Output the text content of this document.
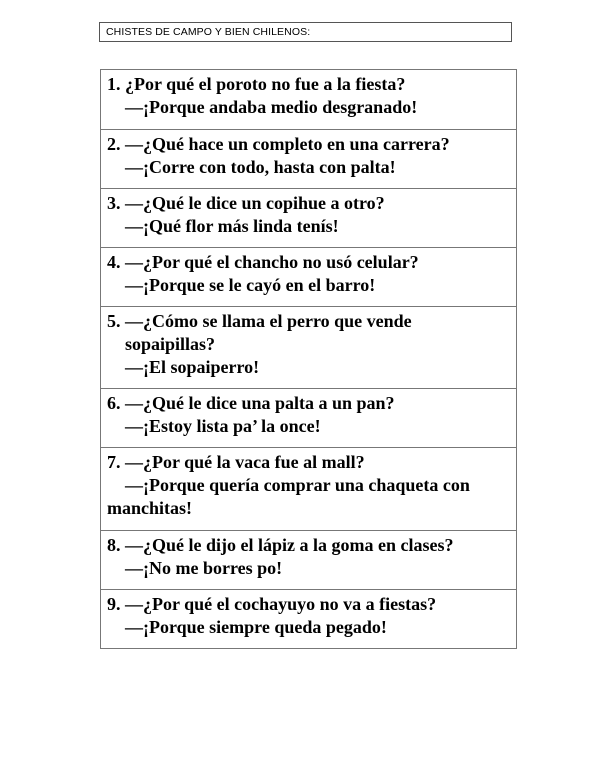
CHISTES DE CAMPO Y BIEN CHILENOS:
1. ¿Por qué el poroto no fue a la fiesta?
—¡Porque andaba medio desgranado!
2. —¿Qué hace un completo en una carrera?
—¡Corre con todo, hasta con palta!
3. —¿Qué le dice un copihue a otro?
—¡Qué flor más linda tenís!
4. —¿Por qué el chancho no usó celular?
—¡Porque se le cayó en el barro!
5. —¿Cómo se llama el perro que vende
sopaipillas?
—¡El sopaiperro!
6. —¿Qué le dice una palta a un pan?
—¡Estoy lista pa’ la once!
7. —¿Por qué la vaca fue al mall?
—¡Porque quería comprar una chaqueta con
manchitas!
8. —¿Qué le dijo el lápiz a la goma en clases?
—¡No me borres po!
9. —¿Por qué el cochayuyo no va a fiestas?
—¡Porque siempre queda pegado!
